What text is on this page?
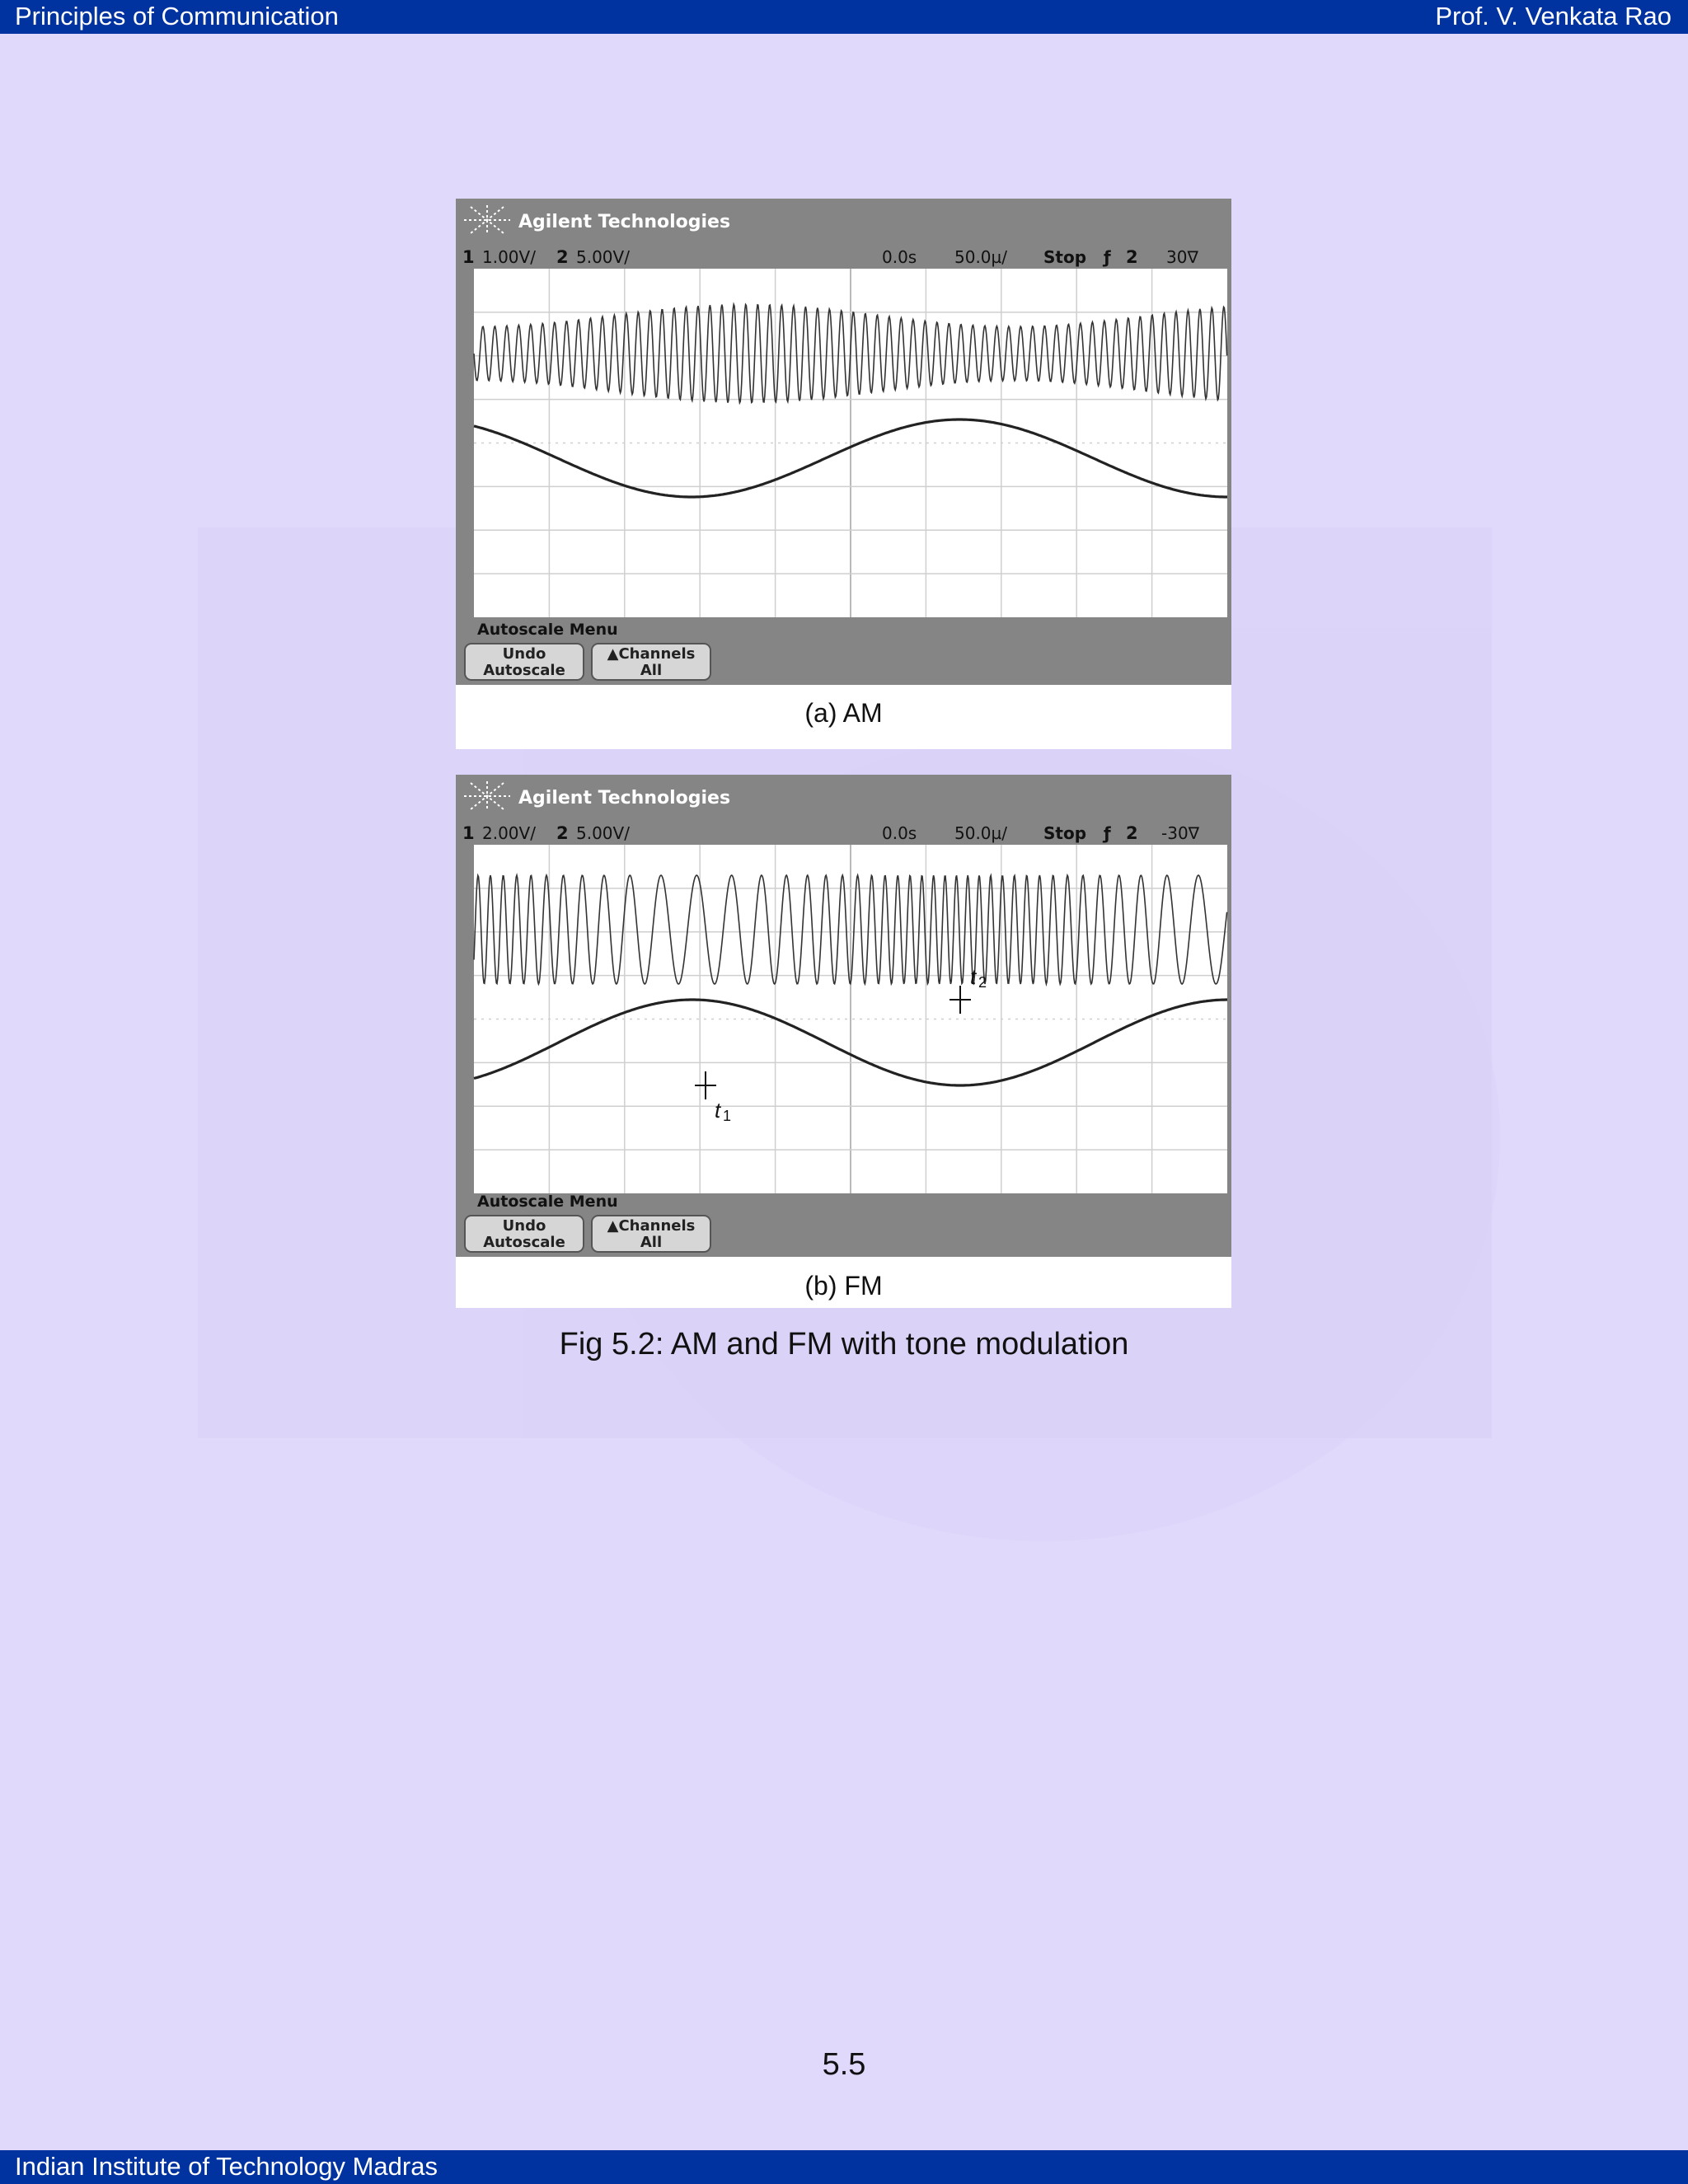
Principles of Communication	Prof. V. Venkata Rao
Agilent Technologies
1 1.00V/ 2 5.00V/	0.0s 50.0µ/ Stop ƒ 2 30∇
Autoscale Menu
Undo
Autoscale
▲Channels
All
(a) AM
Agilent Technologies
1 2.00V/ 2 5.00V/	0.0s 50.0µ/ Stop ƒ 2 -30∇
t 1
t 2
Autoscale Menu
Undo
Autoscale
▲Channels
All
(b) FM
Fig 5.2: AM and FM with tone modulation
5.5
Indian Institute of Technology Madras
